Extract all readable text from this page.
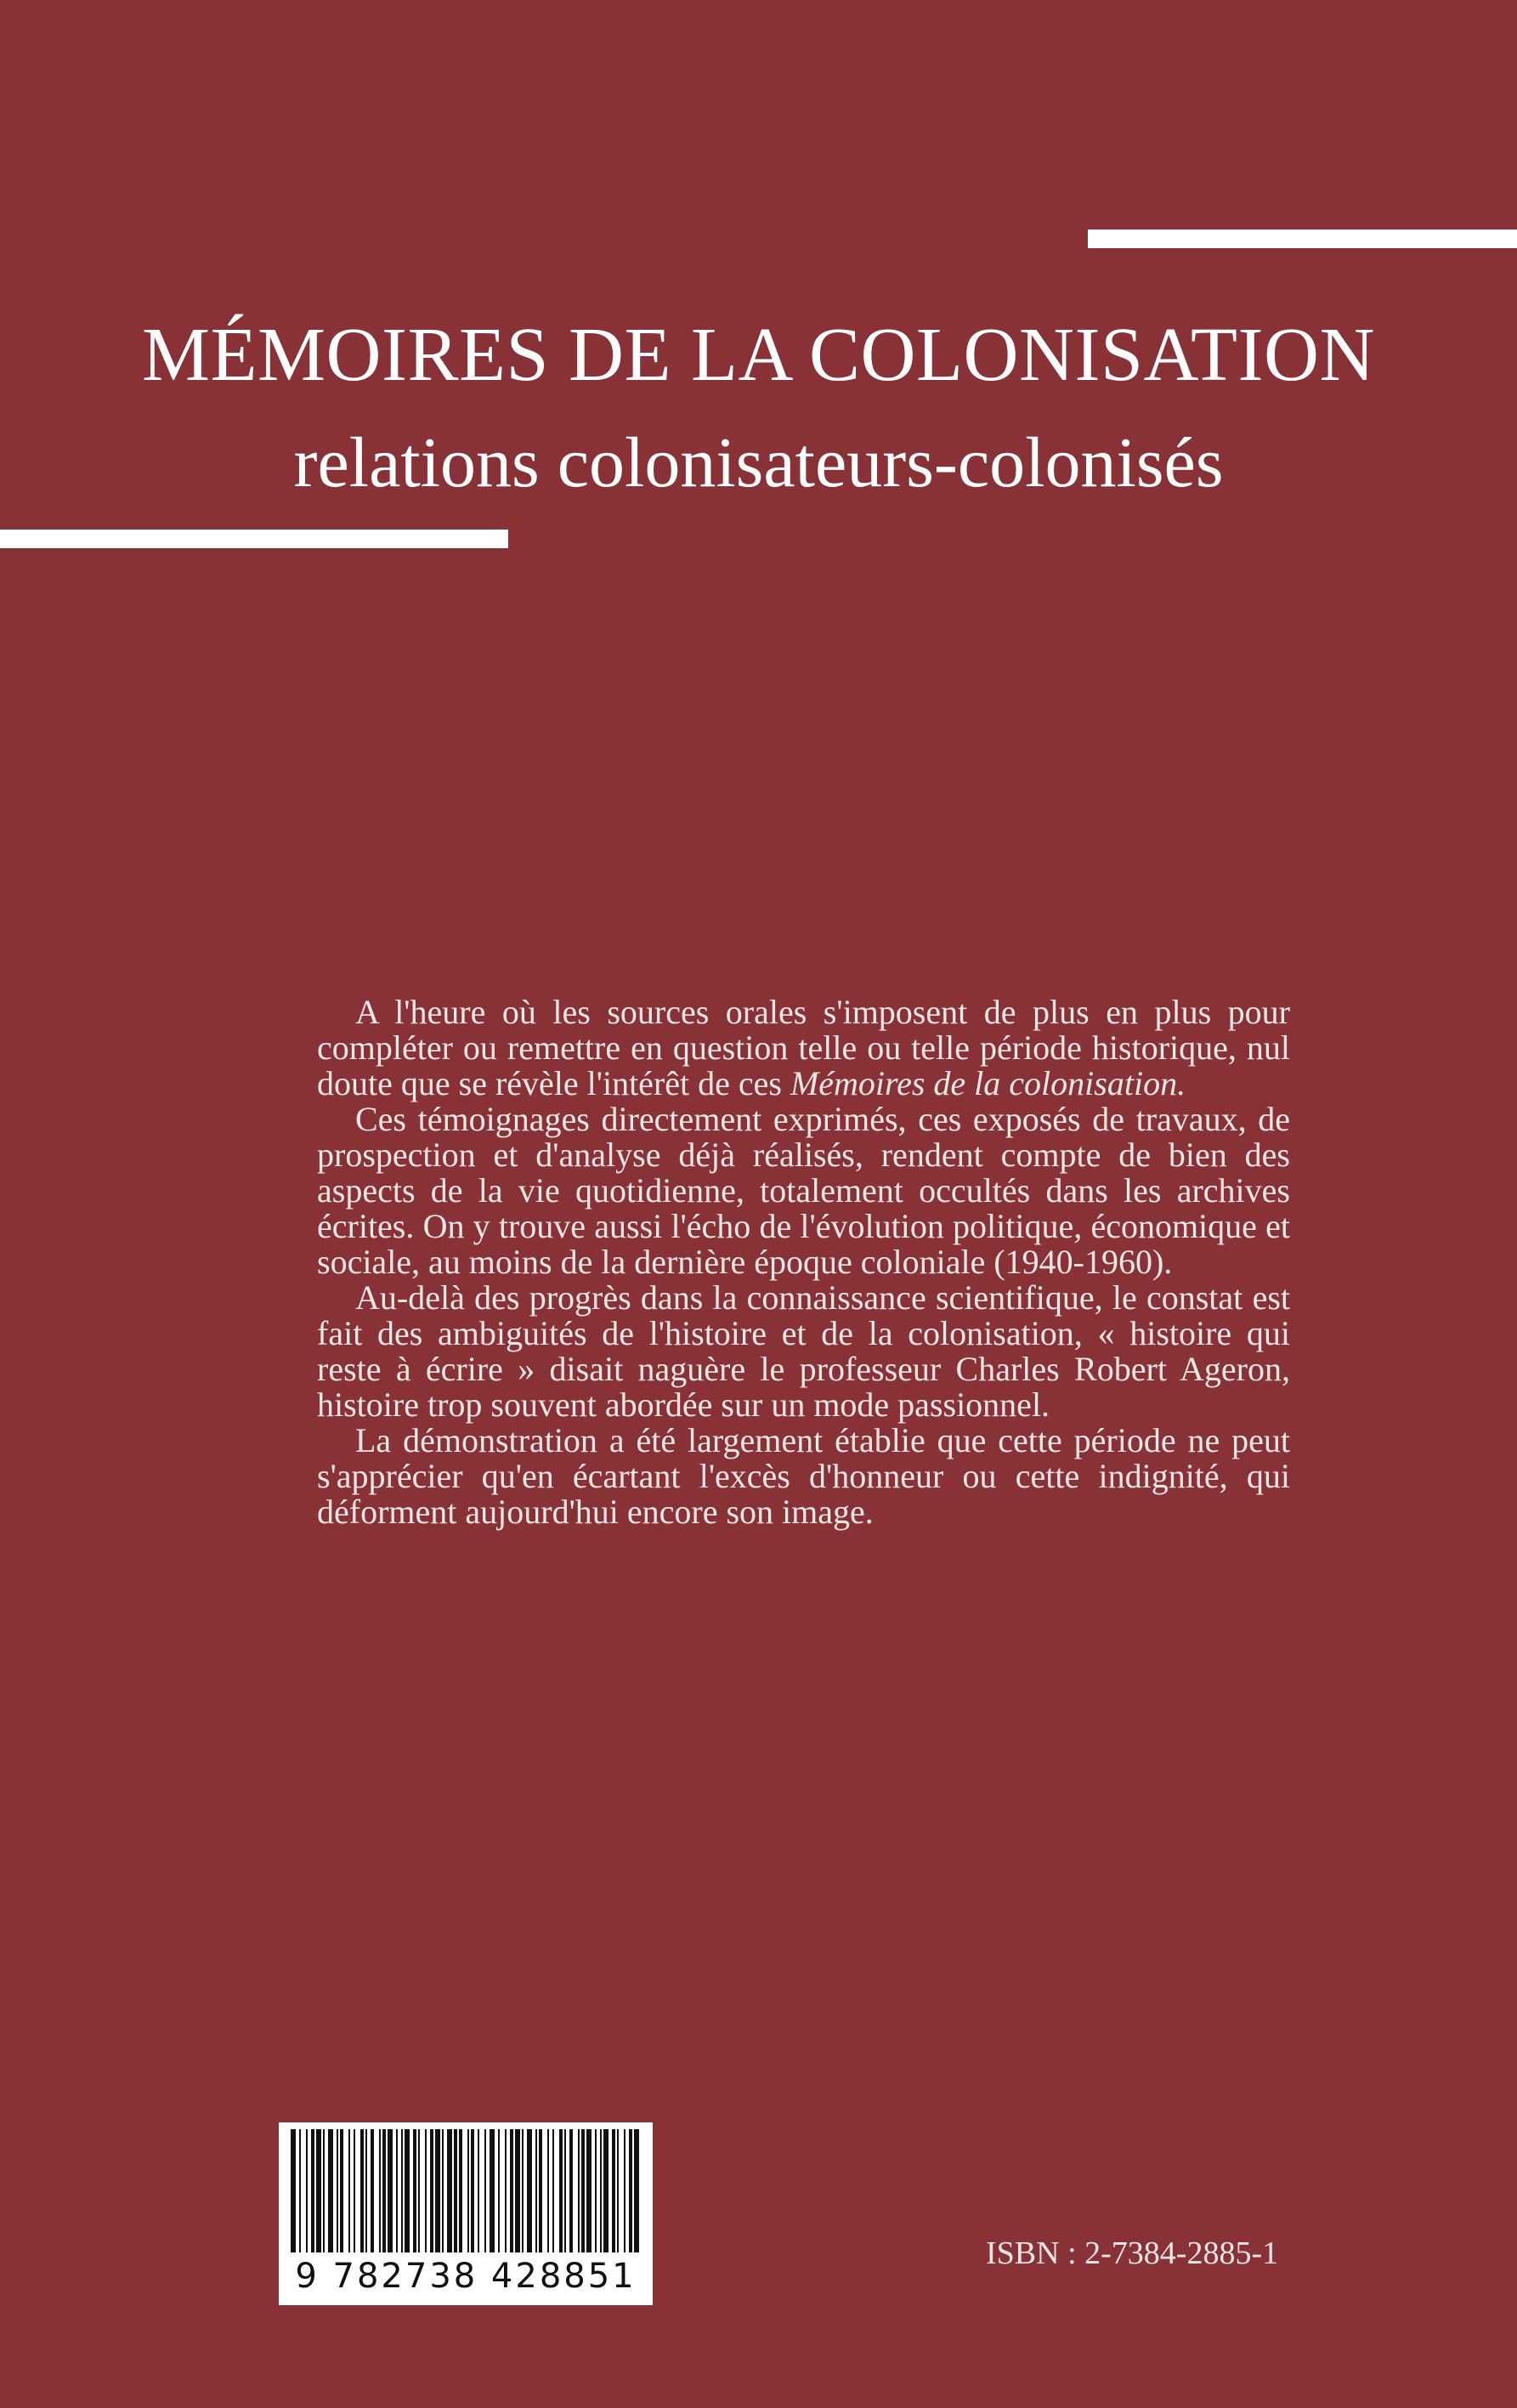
MÉMOIRES DE LA COLONISATION
relations colonisateurs-colonisés

A l'heure où les sources orales s'imposent de plus en plus pour compléter ou remettre en question telle ou telle période historique, nul doute que se révèle l'intérêt de ces Mémoires de la colonisation.

Ces témoignages directement exprimés, ces exposés de travaux, de prospection et d'analyse déjà réalisés, rendent compte de bien des aspects de la vie quotidienne, totalement occultés dans les archives écrites. On y trouve aussi l'écho de l'évolution politique, économique et sociale, au moins de la dernière époque coloniale (1940-1960).

Au-delà des progrès dans la connaissance scientifique, le constat est fait des ambiguités de l'histoire et de la colonisation, « histoire qui reste à écrire » disait naguère le professeur Charles Robert Ageron, histoire trop souvent abordée sur un mode passionnel.

La démonstration a été largement établie que cette période ne peut s'apprécier qu'en écartant l'excès d'honneur ou cette indignité, qui déforment aujourd'hui encore son image.

9 782738 428851
ISBN : 2-7384-2885-1
